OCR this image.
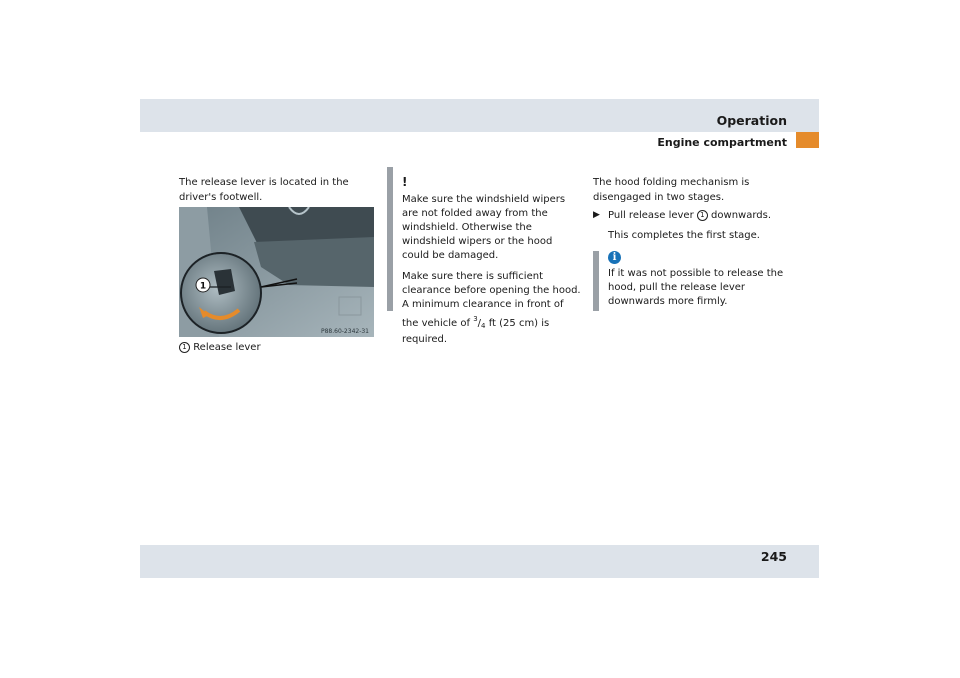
Operation
Engine compartment
The release lever is located in the driver's footwell.
1
P88.60-2342-31
1 Release lever
!

Make sure the windshield wipers are not folded away from the windshield. Otherwise the windshield wipers or the hood could be damaged.

Make sure there is sufficient clearance before opening the hood. A minimum clearance in front of the vehicle of $^3/_4$ ft (25 cm) is required.

The hood folding mechanism is disengaged in two stages.
▶ Pull release lever 1 downwards.
This completes the first stage.
i
If it was not possible to release the hood, pull the release lever downwards more firmly.
245
